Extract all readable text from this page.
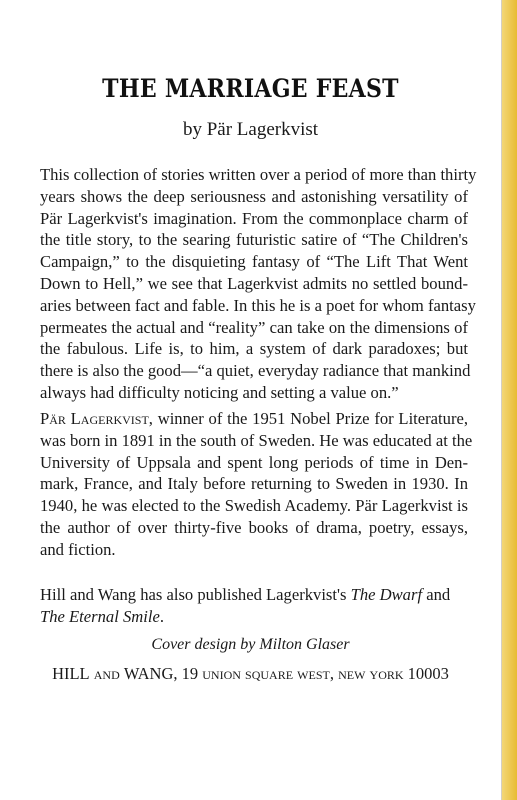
THE MARRIAGE FEAST
by Pär Lagerkvist

This collection of stories written over a period of more than thirty
years shows the deep seriousness and astonishing versatility of
Pär Lagerkvist's imagination. From the commonplace charm of
the title story, to the searing futuristic satire of “The Children's
Campaign,” to the disquieting fantasy of “The Lift That Went
Down to Hell,” we see that Lagerkvist admits no settled bound-
aries between fact and fable. In this he is a poet for whom fantasy
permeates the actual and “reality” can take on the dimensions of
the fabulous. Life is, to him, a system of dark paradoxes; but
there is also the good—“a quiet, everyday radiance that mankind
always had difficulty noticing and setting a value on.”

Pär Lagerkvist, winner of the 1951 Nobel Prize for Literature,
was born in 1891 in the south of Sweden. He was educated at the
University of Uppsala and spent long periods of time in Den-
mark, France, and Italy before returning to Sweden in 1930. In
1940, he was elected to the Swedish Academy. Pär Lagerkvist is
the author of over thirty-five books of drama, poetry, essays,
and fiction.

Hill and Wang has also published Lagerkvist's The Dwarf and
The Eternal Smile.

Cover design by Milton Glaser
HILL and WANG, 19 union square west, new york 10003
